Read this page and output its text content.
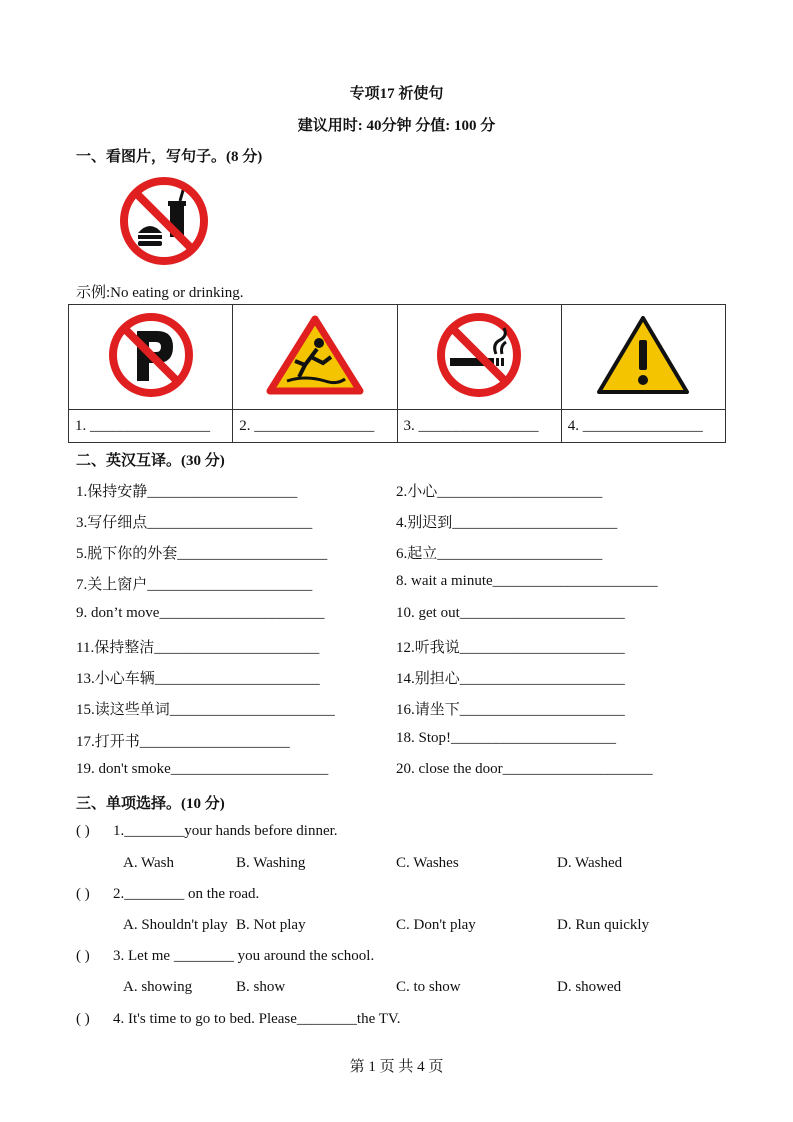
专项17 祈使句
建议用时: 40分钟 分值: 100 分
一、看图片，写句子。(8 分)
示例:No eating or drinking.

1. ________________	2. ________________	3. ________________	4. ________________
二、英汉互译。(30 分)
1.保持安静____________________	2.小心______________________
3.写仔细点______________________	4.别迟到______________________
5.脱下你的外套____________________	6.起立______________________
7.关上窗户______________________	8. wait a minute______________________
9. don’t move______________________	10. get out______________________
11.保持整洁______________________	12.听我说______________________
13.小心车辆______________________	14.别担心______________________
15.读这些单词______________________	16.请坐下______________________
17.打开书____________________	18. Stop!______________________
19. don't smoke_____________________	20. close the door____________________
三、单项选择。(10 分)
( ) 1.________your hands before dinner.
A. Wash	B. Washing	C. Washes	D. Washed
( ) 2.________ on the road.
A. Shouldn't play B. Not play	C. Don't play	D. Run quickly
( ) 3. Let me ________ you around the school.
A. showing	B. show	C. to show	D. showed
( ) 4. It's time to go to bed. Please________the TV.
第 1 页 共 4 页
